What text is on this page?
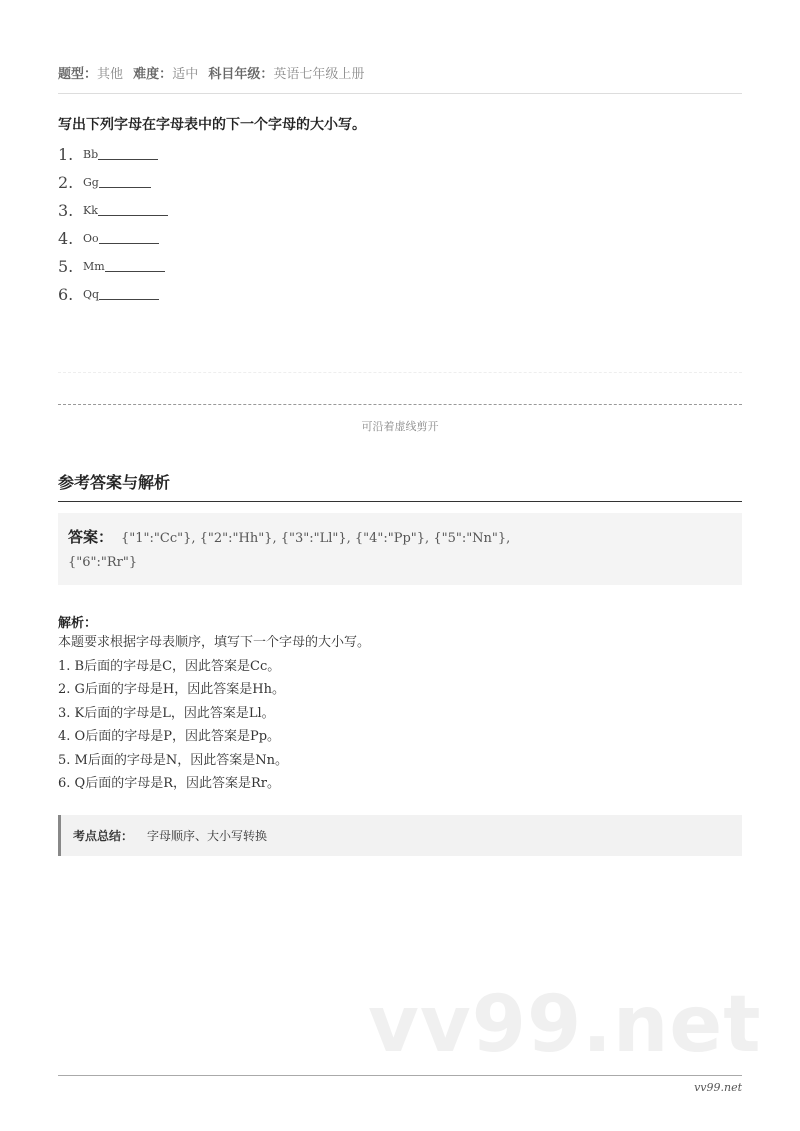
题型：其他 难度：适中 科目年级：英语七年级上册
写出下列字母在字母表中的下一个字母的大小写。
1. Bb
2. Gg
3. Kk
4. Oo
5. Mm
6. Qq
可沿着虚线剪开
参考答案与解析
答案： {"1":"Cc"}, {"2":"Hh"}, {"3":"Ll"}, {"4":"Pp"}, {"5":"Nn"},
{"6":"Rr"}
解析：
本题要求根据字母表顺序，填写下一个字母的大小写。
1. B后面的字母是C，因此答案是Cc。
2. G后面的字母是H，因此答案是Hh。
3. K后面的字母是L，因此答案是Ll。
4. O后面的字母是P，因此答案是Pp。
5. M后面的字母是N，因此答案是Nn。
6. Q后面的字母是R，因此答案是Rr。
考点总结： 字母顺序、大小写转换
vv99.net
vv99.net
